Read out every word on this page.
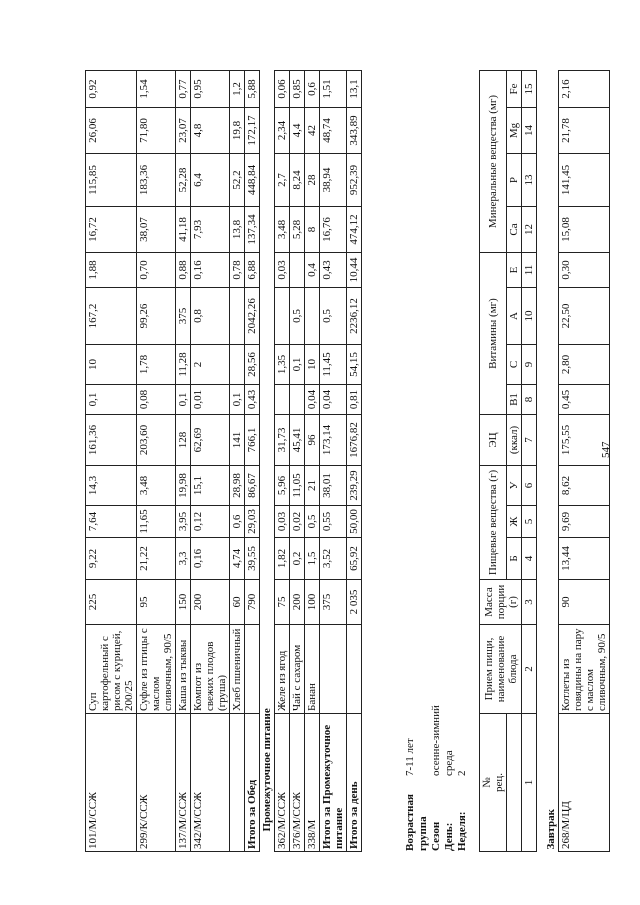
101/M/ССЖ	Суп картофельный с рисом с курицей, 200/25	225	9,22	7,64	14,3	161,36	0,1	10	167,2	1,88	16,72	115,85	26,06	0,92
299/К/ССЖ	Суфле из птицы с маслом сливочным, 90/5	95	21,22	11,65	3,48	203,60	0,08	1,78	99,26	0,70	38,07	183,36	71,80	1,54
137/М/ССЖ	Каша из тыквы	150	3,3	3,95	19,98	128	0,1	11,28	375	0,88	41,18	52,28	23,07	0,77
342/М/ССЖ	Компот из свежих плодов (груша)	200	0,16	0,12	15,1	62,69	0,01	2	0,8	0,16	7,93	6,4	4,8	0,95
	Хлеб пшеничный	60	4,74	0,6	28,98	141	0,1			0,78	13,8	52,2	19,8	1,2
Итого за Обед		790	39,55	29,03	86,67	766,1	0,43	28,56	2042,26	6,88	137,34	448,84	172,17	5,88
Промежуточное питание														
362/М/ССЖ	Желе из ягод	75	1,82	0,03	5,96	31,73		1,35		0,03	3,48	2,7	2,34	0,06
376/М/ССЖ	Чай с сахаром	200	0,2	0,02	11,05	45,41		0,1	0,5		5,28	8,24	4,4	0,85
338/М	Банан	100	1,5	0,5	21	96	0,04	10		0,4	8	28	42	0,6
Итого за Промежуточное питание		375	3,52	0,55	38,01	173,14	0,04	11,45	0,5	0,43	16,76	38,94	48,74	1,51
Итого за день		2 035	65,92	50,00	239,29	1676,82	0,81	54,15	2236,12	10,44	474,12	952,39	343,89	13,1
Возрастная группа
7-11 лет
Сезон
осенне-зимний
День:
среда
Неделя:
2
№ рец.	Прием пищи, наименование блюда	Масса порции (г)	Пищевые вещества (г)			ЭЦ	Витамины (мг)				Минеральные вещества (мг)			
			Б	Ж	У	(ккал)	B1	C	A	E	Ca	P	Mg	Fe
1	2	3	4	5	6	7	8	9	10	11	12	13	14	15
Завтрак														
268/М/ЦД	Котлеты из говядины на пару с маслом сливочным, 90/5	90	13,44	9,69	8,62	175,55	0,45	2,80	22,50	0,30	15,08	141,45	21,78	2,16
547
